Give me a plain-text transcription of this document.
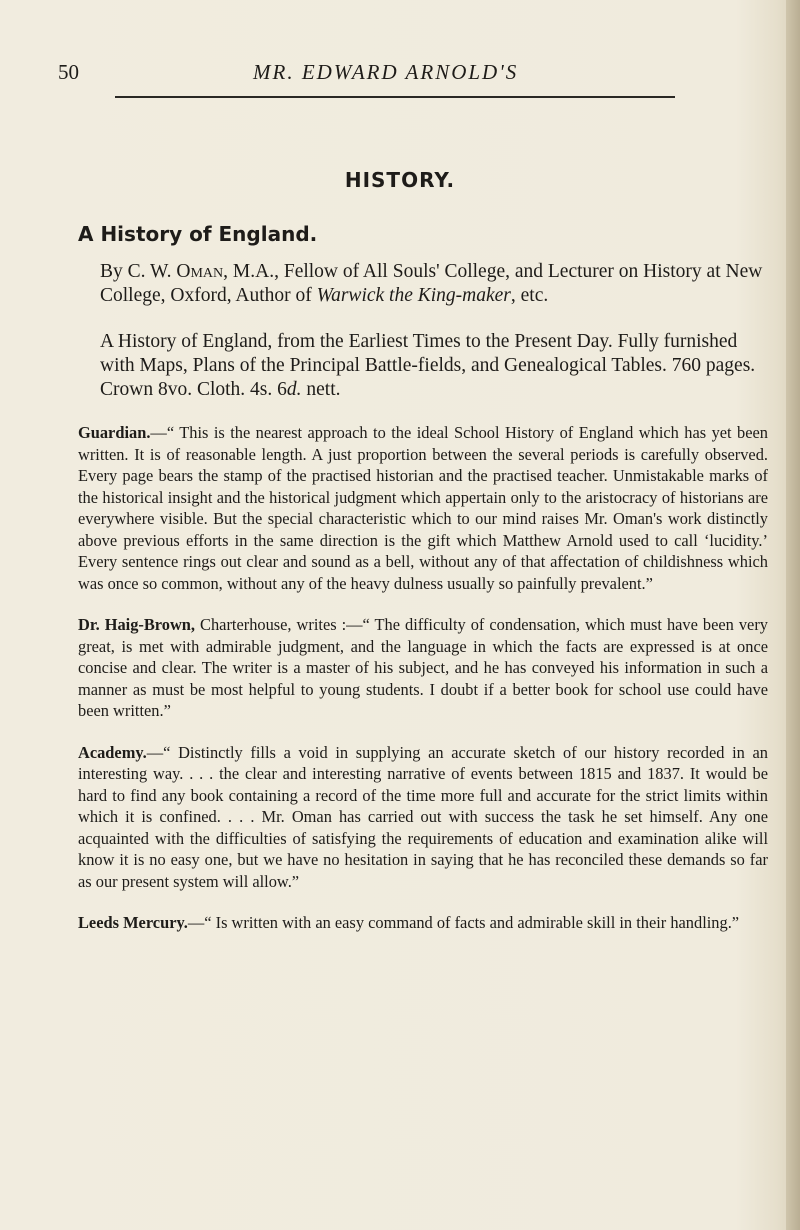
50	MR. EDWARD ARNOLD'S
HISTORY.
A History of England.
By C. W. Oman, M.A., Fellow of All Souls' College, and Lecturer on History at New College, Oxford, Author of Warwick the King-maker, etc.
A History of England, from the Earliest Times to the Present Day. Fully furnished with Maps, Plans of the Principal Battle-fields, and Genealogical Tables. 760 pages. Crown 8vo. Cloth. 4s. 6d. nett.

Guardian.—“ This is the nearest approach to the ideal School History of England which has yet been written. It is of reasonable length. A just proportion between the several periods is carefully observed. Every page bears the stamp of the practised historian and the practised teacher. Unmistakable marks of the historical insight and the historical judgment which appertain only to the aristocracy of historians are everywhere visible. But the special characteristic which to our mind raises Mr. Oman's work distinctly above previous efforts in the same direction is the gift which Matthew Arnold used to call ‘lucidity.’ Every sentence rings out clear and sound as a bell, without any of that affectation of childishness which was once so common, without any of the heavy dulness usually so painfully prevalent.”

Dr. Haig-Brown, Charterhouse, writes :—“ The difficulty of condensation, which must have been very great, is met with admirable judgment, and the language in which the facts are expressed is at once concise and clear. The writer is a master of his subject, and he has conveyed his information in such a manner as must be most helpful to young students. I doubt if a better book for school use could have been written.”

Academy.—“ Distinctly fills a void in supplying an accurate sketch of our history recorded in an interesting way. . . . the clear and interesting narrative of events between 1815 and 1837. It would be hard to find any book containing a record of the time more full and accurate for the strict limits within which it is confined. . . . Mr. Oman has carried out with success the task he set himself. Any one acquainted with the difficulties of satisfying the requirements of education and examination alike will know it is no easy one, but we have no hesitation in saying that he has reconciled these demands so far as our present system will allow.”

Leeds Mercury.—“ Is written with an easy command of facts and admirable skill in their handling.”
